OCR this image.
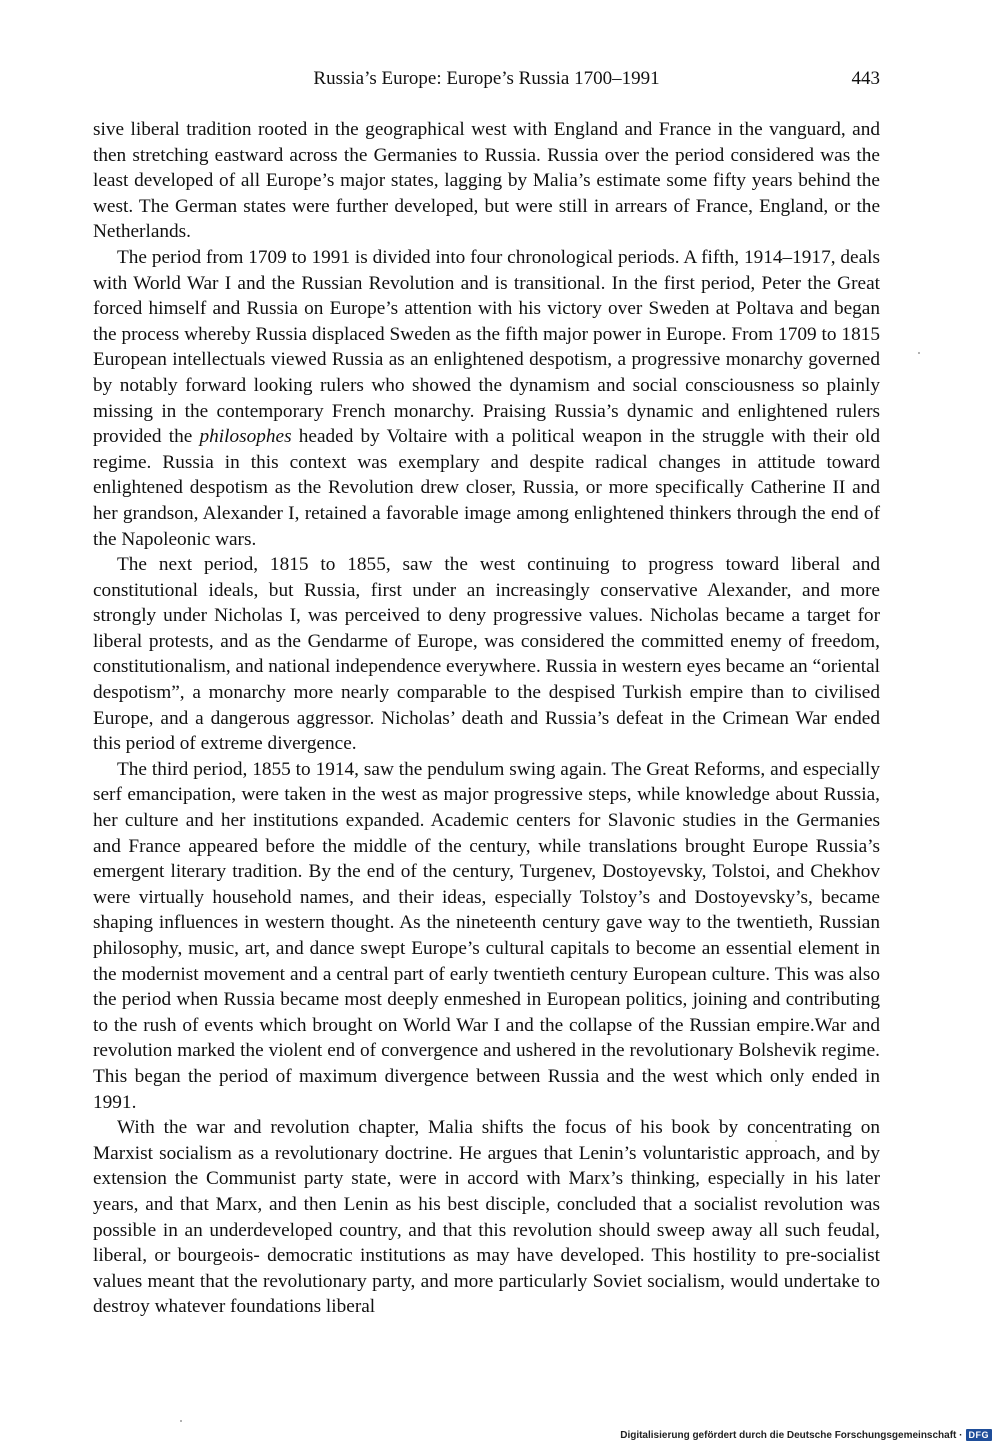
Russia’s Europe: Europe’s Russia 1700–1991	443

sive liberal tradition rooted in the geographical west with England and France in the vanguard, and then stretching eastward across the Germanies to Russia. Russia over the period considered was the least developed of all Europe’s major states, lagging by Malia’s estimate some fifty years behind the west. The German states were further developed, but were still in arrears of France, England, or the Netherlands.

The period from 1709 to 1991 is divided into four chronological periods. A fifth, 1914–1917, deals with World War I and the Russian Revolution and is transitional. In the first period, Peter the Great forced himself and Russia on Europe’s attention with his victory over Sweden at Poltava and began the process whereby Russia displaced Sweden as the fifth major power in Europe. From 1709 to 1815 European intellectuals viewed Russia as an enlightened despotism, a progressive monarchy governed by notably forward looking rulers who showed the dynamism and social consciousness so plainly missing in the contemporary French monarchy. Praising Russia’s dynamic and enlightened rulers provided the philosophes headed by Voltaire with a political weapon in the struggle with their old regime. Russia in this context was exemplary and despite radical changes in attitude toward enlightened despotism as the Revolution drew closer, Russia, or more specifically Catherine II and her grandson, Alexander I, retained a favorable image among enlightened thinkers through the end of the Napoleonic wars.

The next period, 1815 to 1855, saw the west continuing to progress toward liberal and constitutional ideals, but Russia, first under an increasingly conservative Alexander, and more strongly under Nicholas I, was perceived to deny progressive values. Nicholas became a target for liberal protests, and as the Gendarme of Europe, was considered the committed enemy of freedom, constitutionalism, and national independence everywhere. Russia in western eyes became an “oriental despotism”, a monarchy more nearly comparable to the despised Turkish empire than to civilised Europe, and a dangerous aggressor. Nicholas’ death and Russia’s defeat in the Crimean War ended this period of extreme divergence.

The third period, 1855 to 1914, saw the pendulum swing again. The Great Reforms, and especially serf emancipation, were taken in the west as major progressive steps, while knowledge about Russia, her culture and her institutions expanded. Academic centers for Slavonic studies in the Germanies and France appeared before the middle of the century, while translations brought Europe Russia’s emergent literary tradition. By the end of the century, Turgenev, Dostoyevsky, Tolstoi, and Chekhov were virtually household names, and their ideas, especially Tolstoy’s and Dostoyevsky’s, became shaping influences in western thought. As the nineteenth century gave way to the twentieth, Russian philosophy, music, art, and dance swept Europe’s cultural capitals to become an essential element in the modernist movement and a central part of early twentieth century European culture. This was also the period when Russia became most deeply enmeshed in European politics, joining and contributing to the rush of events which brought on World War I and the collapse of the Russian empire.War and revolution marked the violent end of convergence and ushered in the revolutionary Bolshevik regime. This began the period of maximum divergence between Russia and the west which only ended in 1991.

With the war and revolution chapter, Malia shifts the focus of his book by concentrating on Marxist socialism as a revolutionary doctrine. He argues that Lenin’s voluntaristic approach, and by extension the Communist party state, were in accord with Marx’s thinking, especially in his later years, and that Marx, and then Lenin as his best disciple, concluded that a socialist revolution was possible in an underdeveloped country, and that this revolution should sweep away all such feudal, liberal, or bourgeois- democratic institutions as may have developed. This hostility to pre-socialist values meant that the revolutionary party, and more particularly Soviet socialism, would undertake to destroy whatever foundations liberal

Digitalisierung gefördert durch die Deutsche Forschungsgemeinschaft · DFG
